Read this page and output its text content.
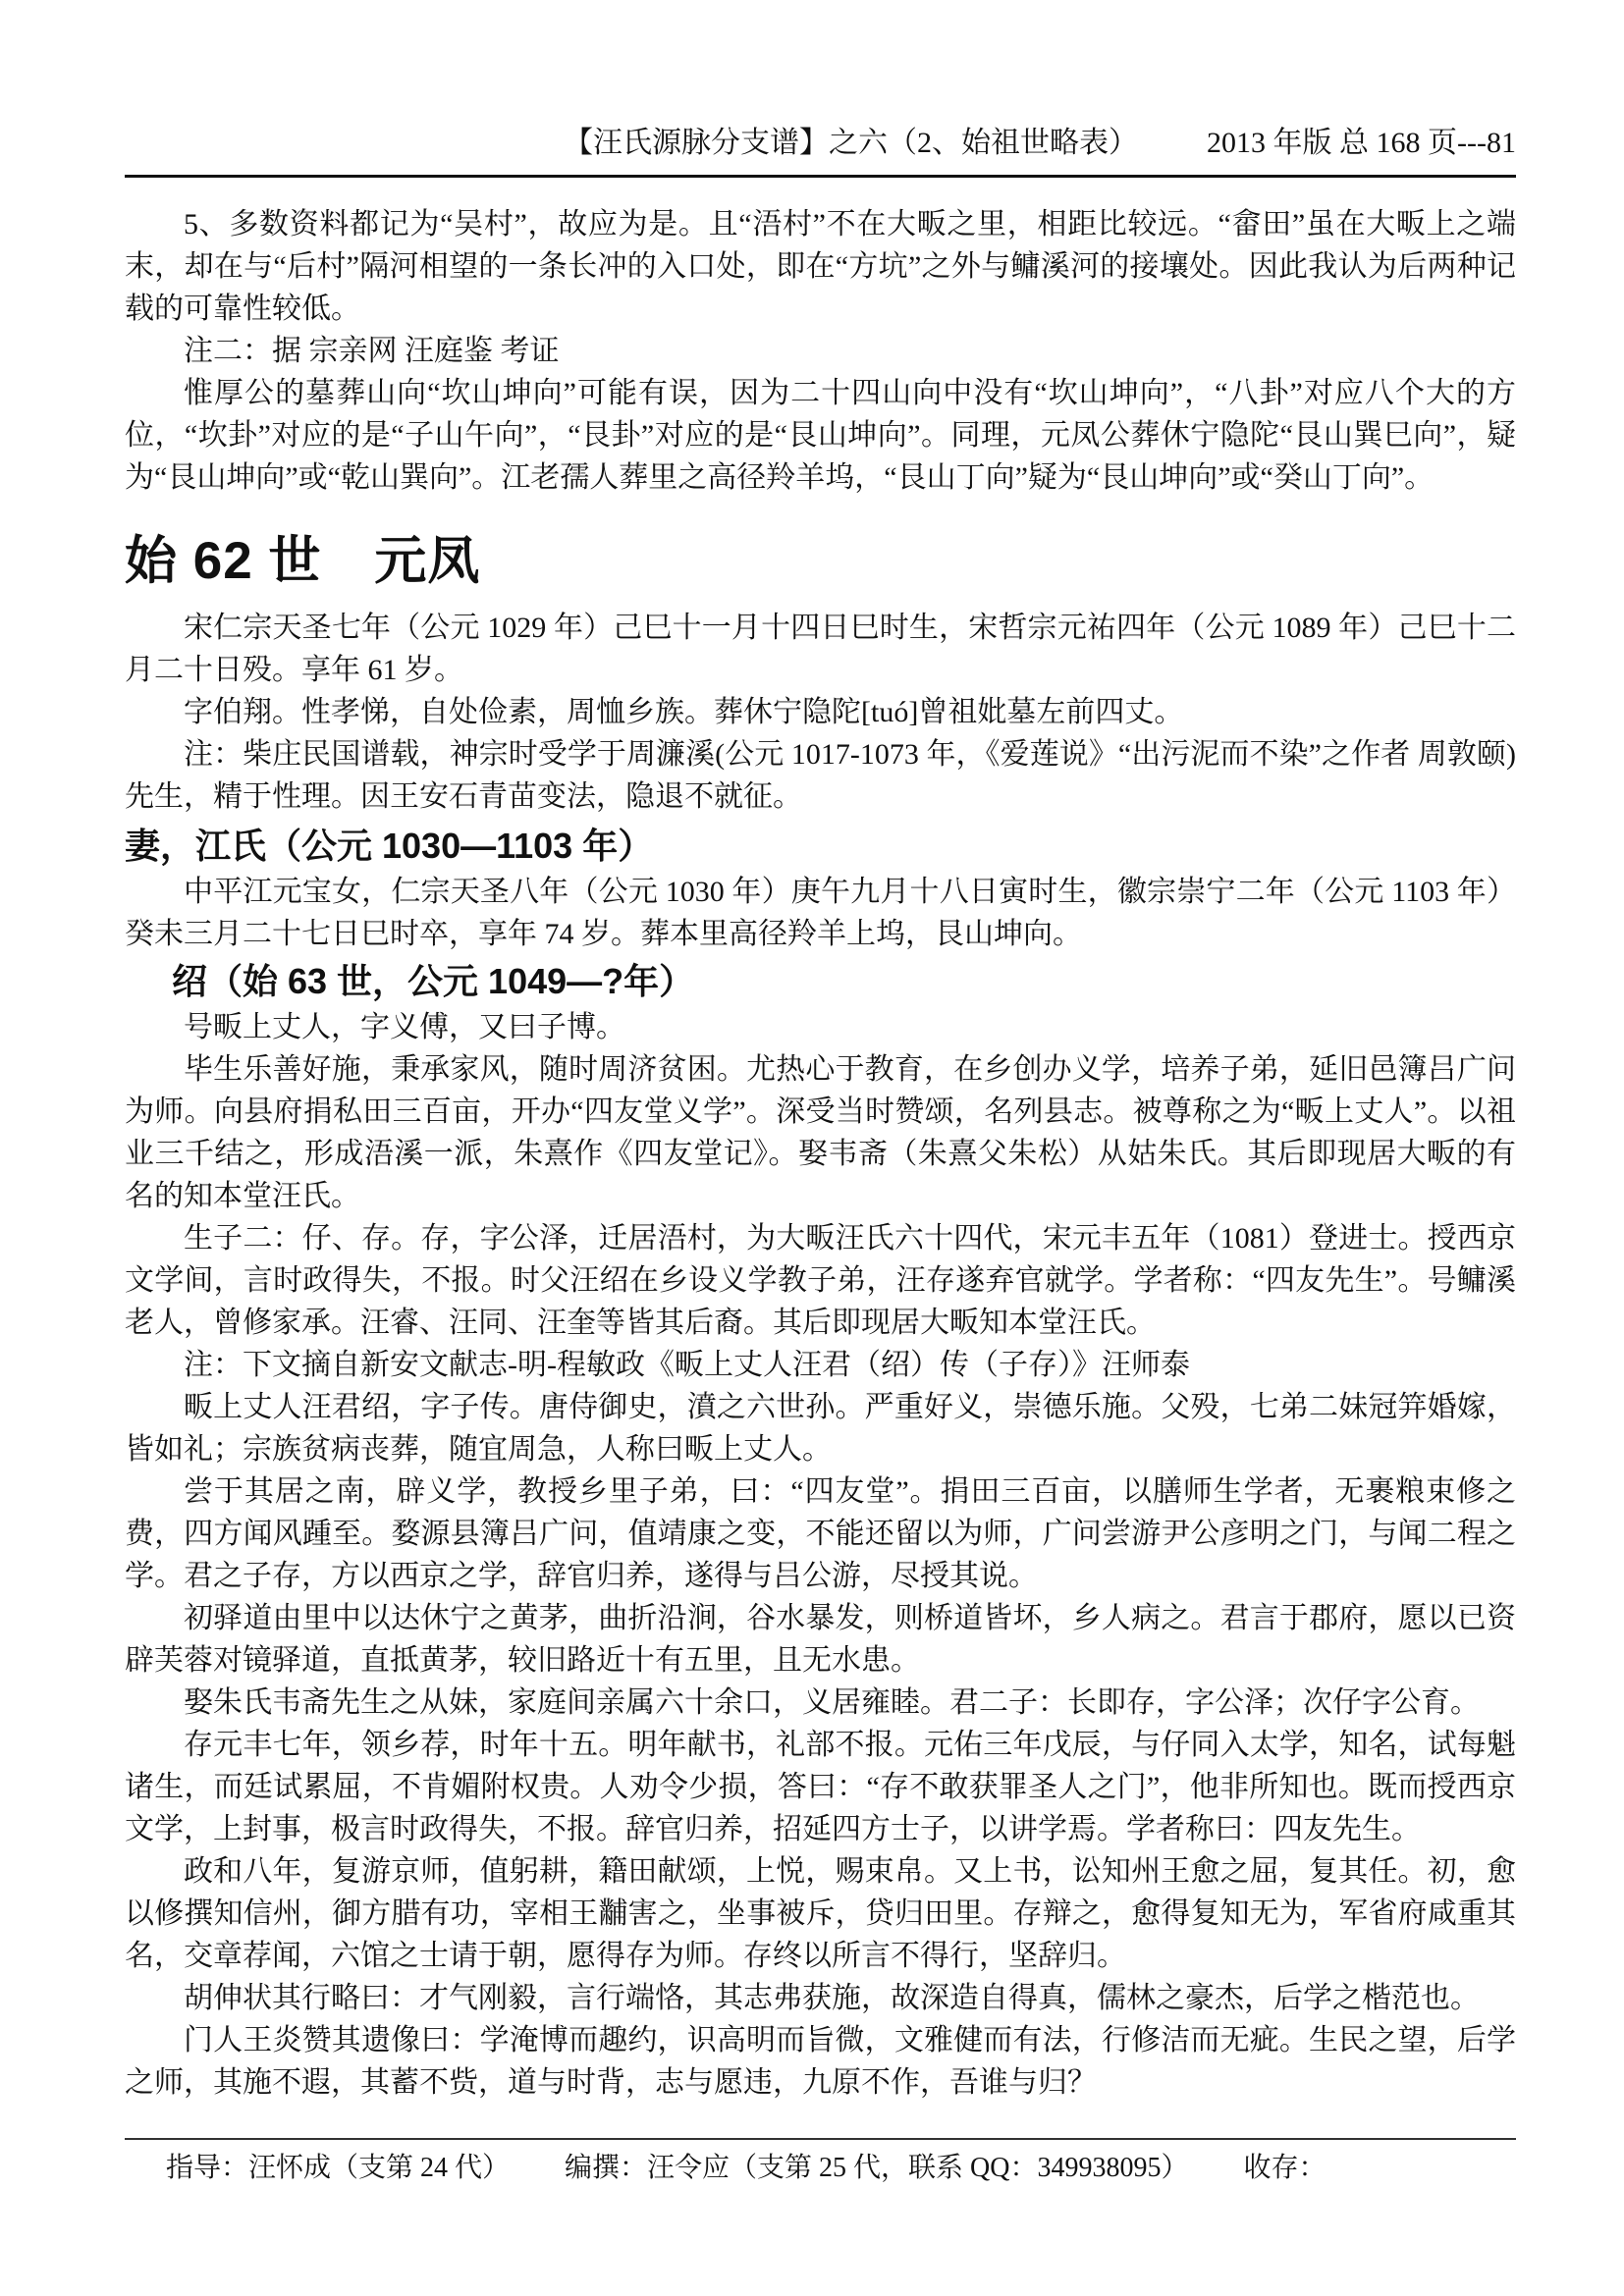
【汪氏源脉分支谱】之六（2、始祖世略表） 2013 年版 总 168 页---81

5、多数资料都记为“吴村”，故应为是。且“浯村”不在大畈之里，相距比较远。“畲田”虽在大畈上之端末，却在与“后村”隔河相望的一条长冲的入口处，即在“方坑”之外与鳙溪河的接壤处。因此我认为后两种记载的可靠性较低。

注二：据 宗亲网 汪庭鉴 考证

惟厚公的墓葬山向“坎山坤向”可能有误，因为二十四山向中没有“坎山坤向”，“八卦”对应八个大的方位，“坎卦”对应的是“子山午向”，“艮卦”对应的是“艮山坤向”。同理，元凤公葬休宁隐陀“艮山巽巳向”，疑为“艮山坤向”或“乾山巽向”。江老孺人葬里之高径羚羊坞，“艮山丁向”疑为“艮山坤向”或“癸山丁向”。

始 62 世　元凤

宋仁宗天圣七年（公元 1029 年）己巳十一月十四日巳时生，宋哲宗元祐四年（公元 1089 年）己巳十二月二十日殁。享年 61 岁。

字伯翔。性孝悌，自处俭素，周恤乡族。葬休宁隐陀[tuó]曾祖妣墓左前四丈。

注：柴庄民国谱载，神宗时受学于周濂溪(公元 1017-1073 年，《爱莲说》“出污泥而不染”之作者 周敦颐)先生，精于性理。因王安石青苗变法，隐退不就征。

妻，江氏（公元 1030—1103 年）

中平江元宝女，仁宗天圣八年（公元 1030 年）庚午九月十八日寅时生，徽宗崇宁二年（公元 1103 年）癸未三月二十七日巳时卒，享年 74 岁。葬本里高径羚羊上坞，艮山坤向。

绍（始 63 世，公元 1049—?年）

号畈上丈人，字义傅，又曰子博。

毕生乐善好施，秉承家风，随时周济贫困。尤热心于教育，在乡创办义学，培养子弟，延旧邑簿吕广问为师。向县府捐私田三百亩，开办“四友堂义学”。深受当时赞颂，名列县志。被尊称之为“畈上丈人”。以祖业三千结之，形成浯溪一派，朱熹作《四友堂记》。娶韦斋（朱熹父朱松）从姑朱氏。其后即现居大畈的有名的知本堂汪氏。

生子二：仔、存。存，字公泽，迁居浯村，为大畈汪氏六十四代，宋元丰五年（1081）登进士。授西京文学间，言时政得失，不报。时父汪绍在乡设义学教子弟，汪存遂弃官就学。学者称：“四友先生”。号鳙溪老人，曾修家承。汪睿、汪同、汪奎等皆其后裔。其后即现居大畈知本堂汪氏。

注：下文摘自新安文献志-明-程敏政《畈上丈人汪君（绍）传（子存）》汪师泰

畈上丈人汪君绍，字子传。唐侍御史，濆之六世孙。严重好义，崇德乐施。父殁，七弟二妹冠笄婚嫁，皆如礼；宗族贫病丧葬，随宜周急，人称曰畈上丈人。

尝于其居之南，辟义学，教授乡里子弟，曰：“四友堂”。捐田三百亩，以膳师生学者，无裹粮束修之费，四方闻风踵至。婺源县簿吕广问，值靖康之变，不能还留以为师，广问尝游尹公彦明之门，与闻二程之学。君之子存，方以西京之学，辞官归养，遂得与吕公游，尽授其说。

初驿道由里中以达休宁之黄茅，曲折沿涧，谷水暴发，则桥道皆坏，乡人病之。君言于郡府，愿以已资辟芙蓉对镜驿道，直抵黄茅，较旧路近十有五里，且无水患。

娶朱氏韦斋先生之从妹，家庭间亲属六十余口，义居雍睦。君二子：长即存，字公泽；次仔字公育。

存元丰七年，领乡荐，时年十五。明年献书，礼部不报。元佑三年戊辰，与仔同入太学，知名，试每魁诸生，而廷试累屈，不肯媚附权贵。人劝令少损，答曰：“存不敢获罪圣人之门”，他非所知也。既而授西京文学，上封事，极言时政得失，不报。辞官归养，招延四方士子，以讲学焉。学者称曰：四友先生。

政和八年，复游京师，值躬耕，籍田献颂，上悦，赐束帛。又上书，讼知州王愈之屈，复其任。初，愈以修撰知信州，御方腊有功，宰相王黼害之，坐事被斥，贷归田里。存辩之，愈得复知无为，军省府咸重其名，交章荐闻，六馆之士请于朝，愿得存为师。存终以所言不得行，坚辞归。

胡伸状其行略曰：才气刚毅，言行端恪，其志弗获施，故深造自得真，儒林之豪杰，后学之楷范也。

门人王炎赞其遗像曰：学淹博而趣约，识高明而旨微，文雅健而有法，行修洁而无疵。生民之望，后学之师，其施不遐，其蓄不赀，道与时背，志与愿违，九原不作，吾谁与归？

指导：汪怀成（支第 24 代） 编撰：汪令应（支第 25 代，联系 QQ：349938095） 收存：
